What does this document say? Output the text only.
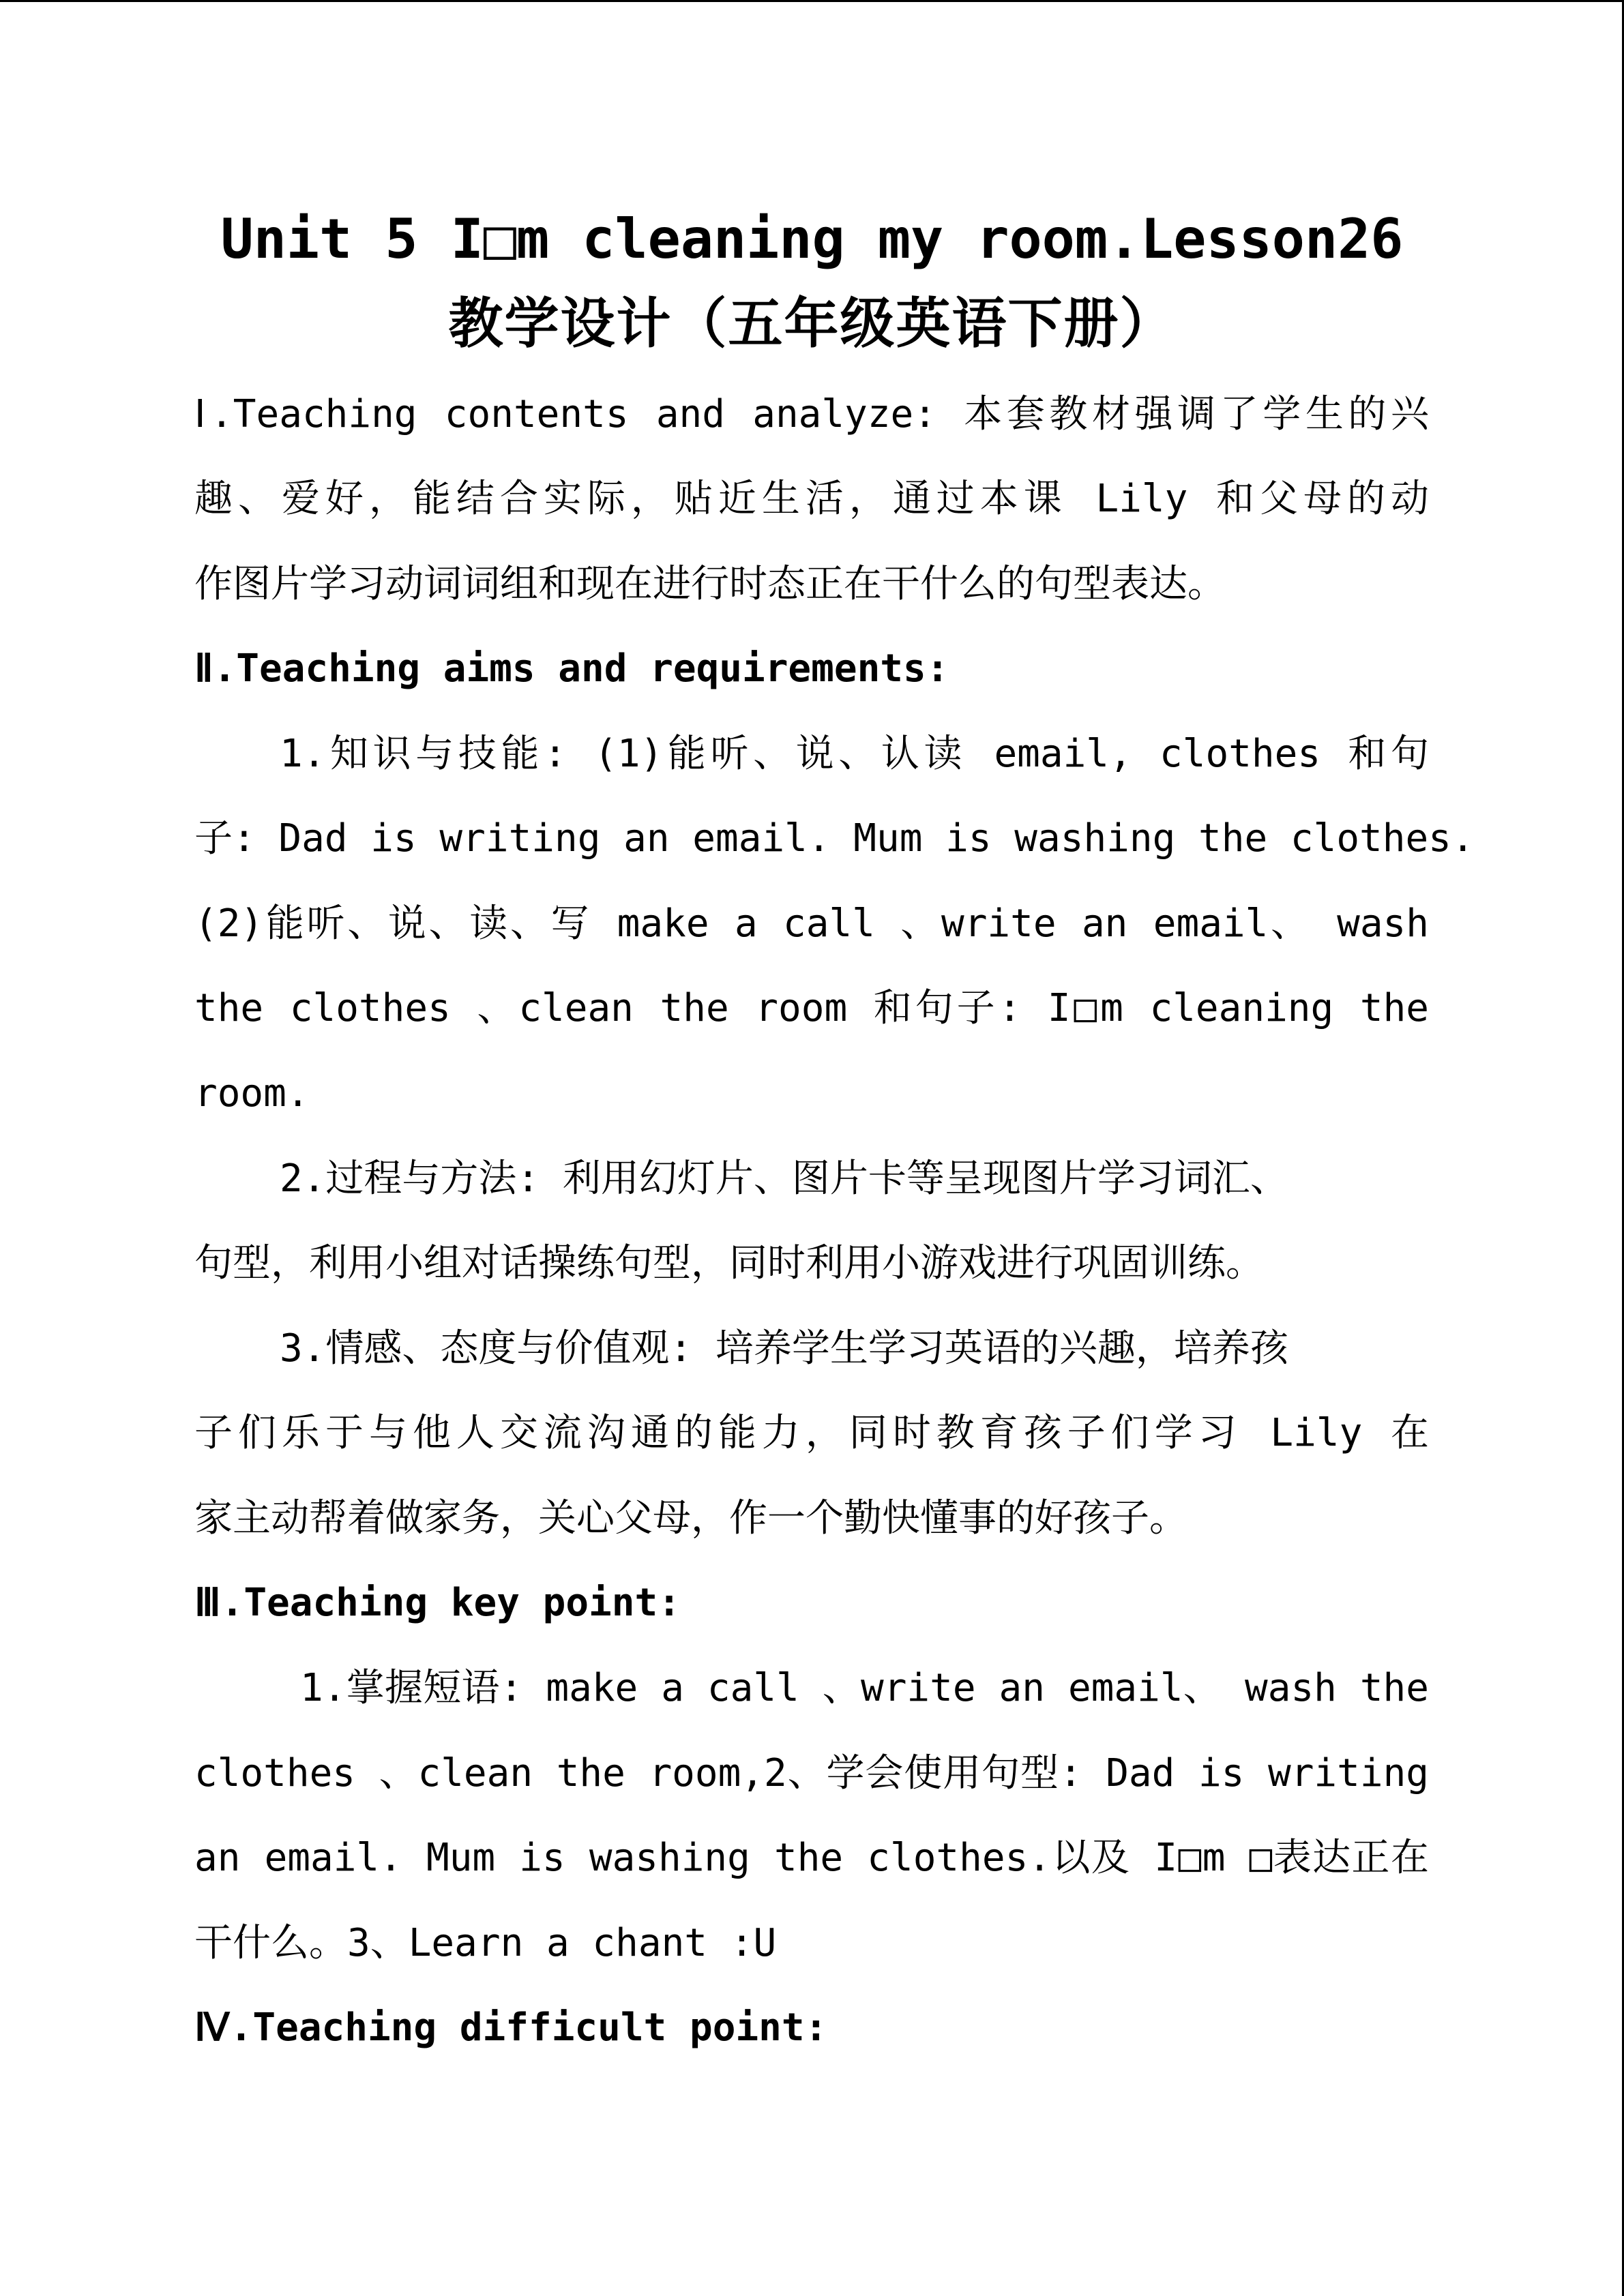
Unit 5 I□m cleaning my room.Lesson26
教学设计（五年级英语下册）
Ⅰ.Teaching contents and analyze: 本套教材强调了学生的兴
趣、爱好，能结合实际，贴近生活，通过本课 Lily 和父母的动
作图片学习动词词组和现在进行时态正在干什么的句型表达。
Ⅱ.Teaching aims and requirements:
1.知识与技能: (1)能听、说、认读 email, clothes 和句
子: Dad is writing an email. Mum is washing the clothes.
(2)能听、说、读、写 make a call 、write an email、 wash
the clothes 、clean the room 和句子: I□m cleaning the
room.
2.过程与方法: 利用幻灯片、图片卡等呈现图片学习词汇、
句型，利用小组对话操练句型，同时利用小游戏进行巩固训练。
3.情感、态度与价值观: 培养学生学习英语的兴趣，培养孩
子们乐于与他人交流沟通的能力，同时教育孩子们学习 Lily 在
家主动帮着做家务，关心父母，作一个勤快懂事的好孩子。
Ⅲ.Teaching key point:
1.掌握短语: make a call 、write an email、 wash the
clothes 、clean the room,2、学会使用句型: Dad is writing
an email. Mum is washing the clothes.以及 I□m □表达正在
干什么。3、Learn a chant :U
Ⅳ.Teaching difficult point:
